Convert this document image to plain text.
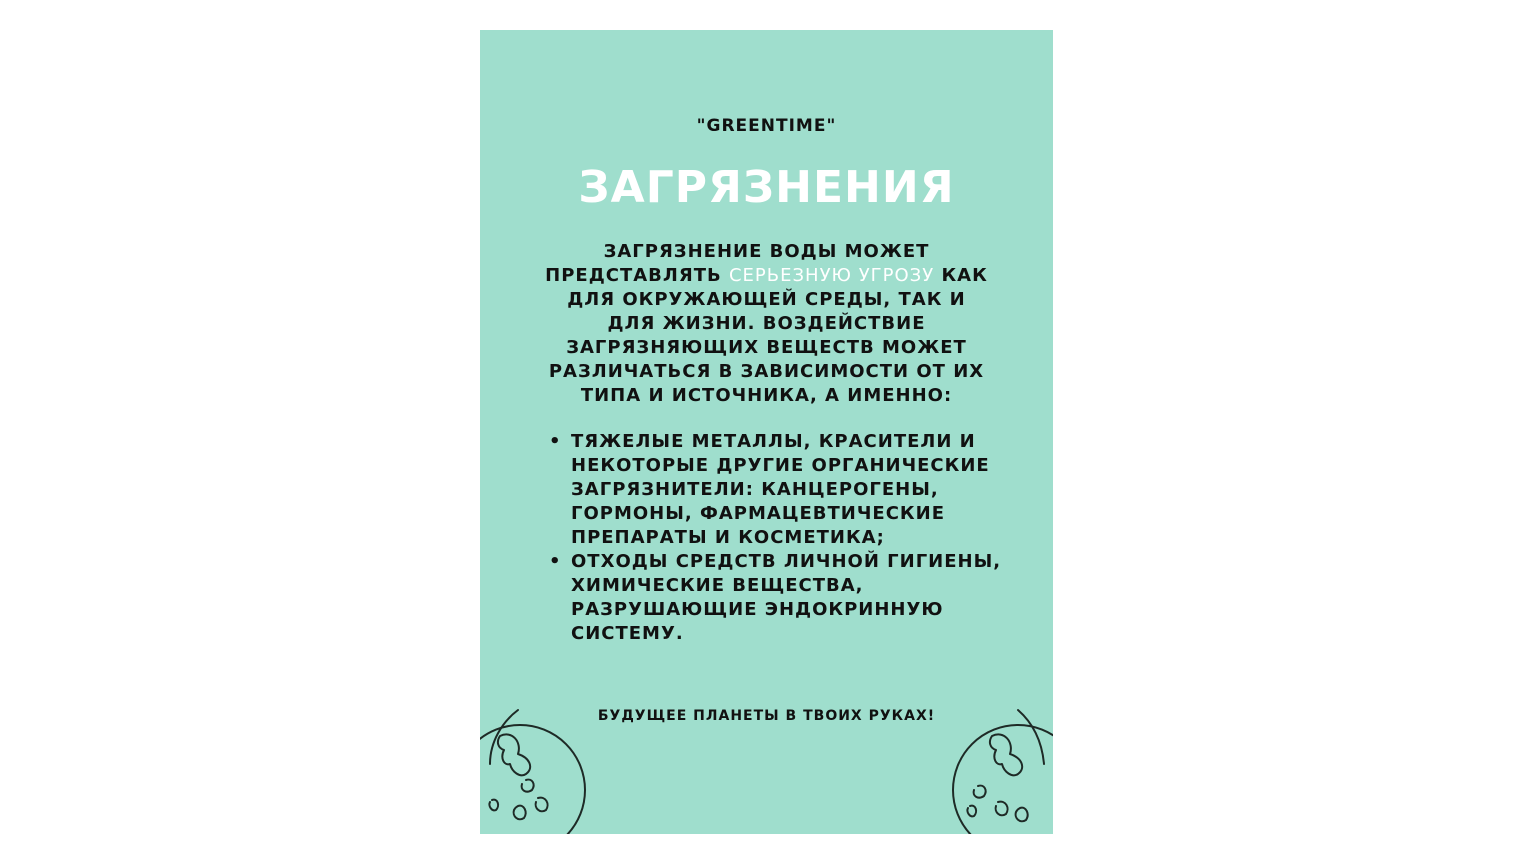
"GREENTIME"
ЗАГРЯЗНЕНИЯ
ЗАГРЯЗНЕНИЕ ВОДЫ МОЖЕТ ПРЕДСТАВЛЯТЬ СЕРЬЕЗНУЮ УГРОЗУ КАК ДЛЯ ОКРУЖАЮЩЕЙ СРЕДЫ, ТАК И ДЛЯ ЖИЗНИ. ВОЗДЕЙСТВИЕ ЗАГРЯЗНЯЮЩИХ ВЕЩЕСТВ МОЖЕТ РАЗЛИЧАТЬСЯ В ЗАВИСИМОСТИ ОТ ИХ ТИПА И ИСТОЧНИКА, А ИМЕННО:
• ТЯЖЕЛЫЕ МЕТАЛЛЫ, КРАСИТЕЛИ И НЕКОТОРЫЕ ДРУГИЕ ОРГАНИЧЕСКИЕ ЗАГРЯЗНИТЕЛИ: КАНЦЕРОГЕНЫ, ГОРМОНЫ, ФАРМАЦЕВТИЧЕСКИЕ ПРЕПАРАТЫ И КОСМЕТИКА;
• ОТХОДЫ СРЕДСТВ ЛИЧНОЙ ГИГИЕНЫ, ХИМИЧЕСКИЕ ВЕЩЕСТВА, РАЗРУШАЮЩИЕ ЭНДОКРИННУЮ СИСТЕМУ.
БУДУЩЕЕ ПЛАНЕТЫ В ТВОИХ РУКАХ!
